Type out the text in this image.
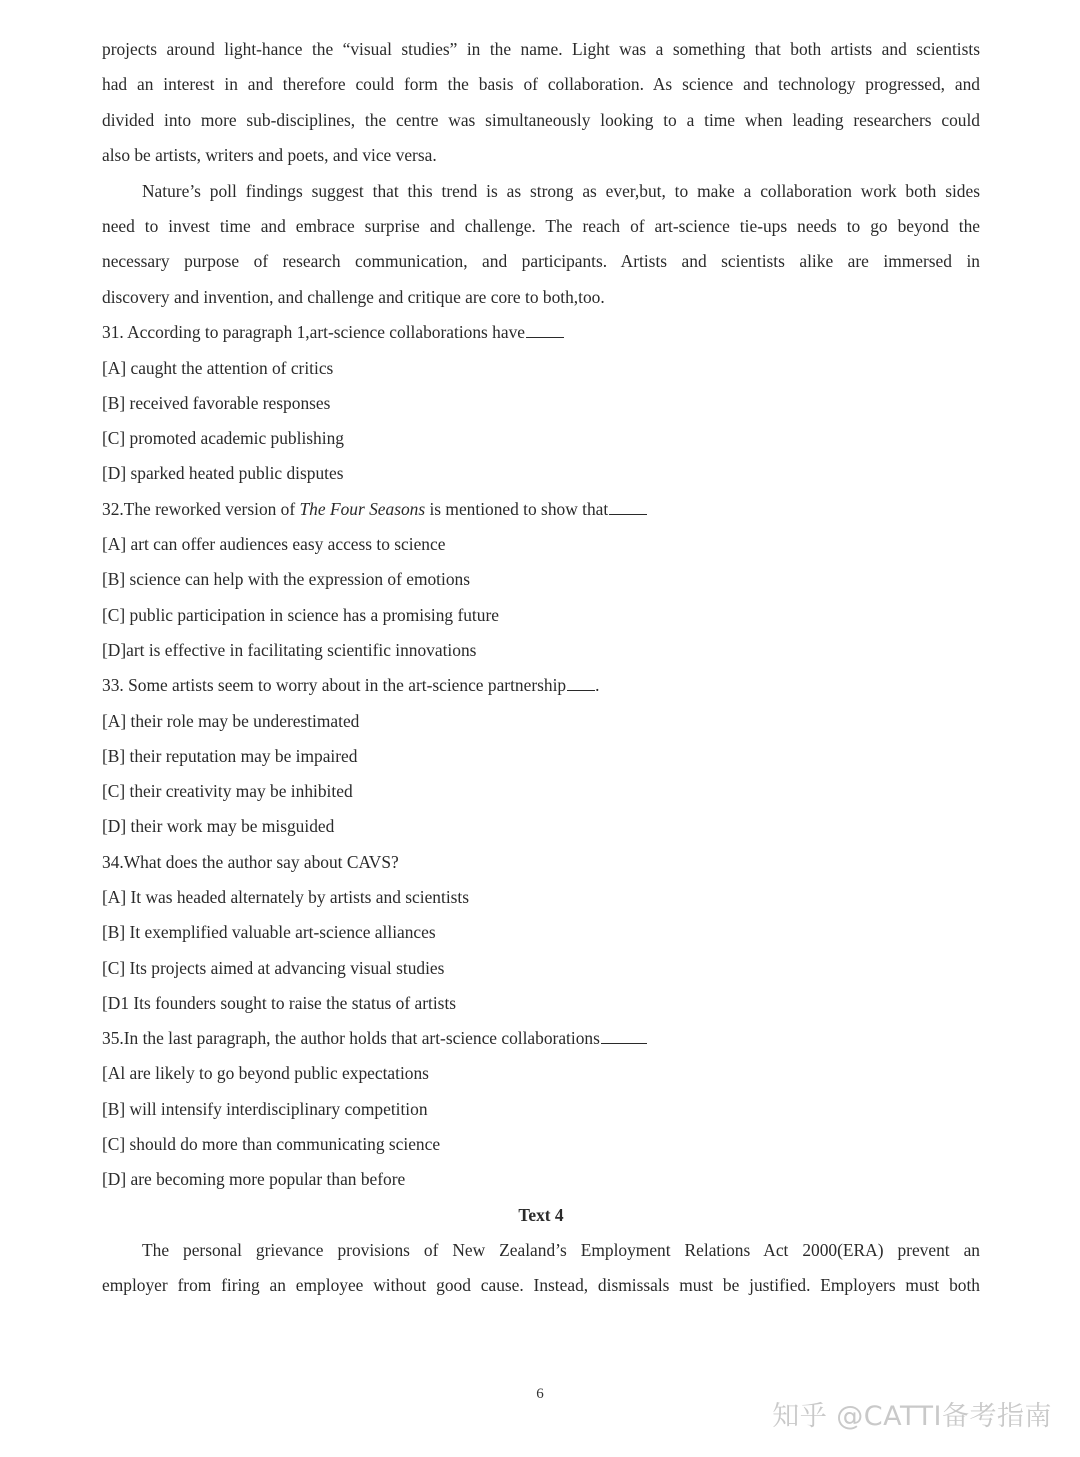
projects around light-hance the “visual studies” in the name. Light was a something that both artists and scientists
had an interest in and therefore could form the basis of collaboration. As science and technology progressed, and
divided into more sub-disciplines, the centre was simultaneously looking to a time when leading researchers could
also be artists, writers and poets, and vice versa.

Nature’s poll findings suggest that this trend is as strong as ever,but, to make a collaboration work both sides
need to invest time and embrace surprise and challenge. The reach of art-science tie-ups needs to go beyond the
necessary purpose of research communication, and participants. Artists and scientists alike are immersed in
discovery and invention, and challenge and critique are core to both,too.

31. According to paragraph 1,art-science collaborations have
[A] caught the attention of critics
[B] received favorable responses
[C] promoted academic publishing
[D] sparked heated public disputes
32.The reworked version of The Four Seasons is mentioned to show that
[A] art can offer audiences easy access to science
[B] science can help with the expression of emotions
[C] public participation in science has a promising future
[D]art is effective in facilitating scientific innovations
33. Some artists seem to worry about in the art-science partnership .
[A] their role may be underestimated
[B] their reputation may be impaired
[C] their creativity may be inhibited
[D] their work may be misguided
34.What does the author say about CAVS?
[A] It was headed alternately by artists and scientists
[B] It exemplified valuable art-science alliances
[C] Its projects aimed at advancing visual studies
[D1 Its founders sought to raise the status of artists
35.In the last paragraph, the author holds that art-science collaborations
[Al are likely to go beyond public expectations
[B] will intensify interdisciplinary competition
[C] should do more than communicating science
[D] are becoming more popular than before
Text 4

The personal grievance provisions of New Zealand’s Employment Relations Act 2000(ERA) prevent an
employer from firing an employee without good cause. Instead, dismissals must be justified. Employers must both

6
知乎 @CATTI备考指南
